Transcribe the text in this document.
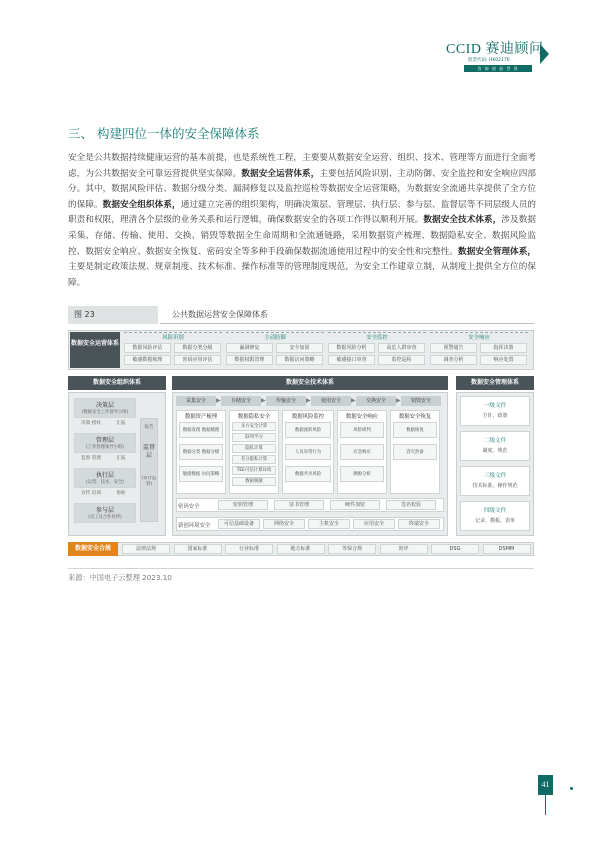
CCID 赛迪顾问
股票代码: HK02176
咨 询 创 造 世 界
三、 构建四位一体的安全保障体系
安全是公共数据持续健康运营的基本前提，也是系统性工程，主要要从数据安全运营、组织、技术、管理等方面进行全面考虑，为公共数据安全可靠运营提供坚实保障。数据安全运营体系，主要包括风险识别、主动防御、安全监控和安全响应四部分。其中，数据风险评估、数据分级分类、漏洞修复以及监控巡检等数据安全运营策略，为数据安全流通共享提供了全方位的保障。数据安全组织体系，通过建立完善的组织架构，明确决策层、管理层、执行层、参与层、监督层等不同层级人员的职责和权限，理清各个层级的业务关系和运行逻辑，确保数据安全的各项工作得以顺利开展。数据安全技术体系，涉及数据采集、存储、传输、使用、交换、销毁等数据全生命周期和全流通链路，采用数据资产梳理、数据隐私安全、数据风险监控、数据安全响应、数据安全恢复、密码安全等多种手段确保数据流通使用过程中的安全性和完整性。数据安全管理体系，主要是制定政策法规、规章制度、技术标准、操作标准等的管理制度规范，为安全工作建章立制，从制度上提供全方位的保障。
图 23	公共数据运营安全保障体系
数据安全运营体系
数据安全组织体系
监督层
(审计监管)
报告
数据安全技术体系
密码安全
新创环境安全
数据安全管理体系
数据安全合规
风险识别
数据风险评估	数据分类分级
敏感数据梳理	密码应用评估
主动防御
漏洞修复	安全加固
数据权限管理	数据访问策略
安全监控
数据风险分析	高危人群审查
敏感接口审查	监控巡检
安全响应
预警通告	指挥决策
调查分析	响应处置
决策层
(数据安全工作领导小组)
管理层
(工作管理领导小组)
执行层
(运营、技术、安全)
参与层
(员工及合作伙伴)
决策 授权	汇报
监督 管理	汇报
宣传 培训	协助
采集安全	▶	存储安全	▶	传输安全	▶	使用安全	▶	交换安全	▶	销毁安全
数据资产梳理
数据发现 数据梳理
数据分类 数据分级
敏感数据 访问策略
数据隐私安全
多方安全计算
联邦学习
隐私计算
差分隐私计算
TEE可信计算环境
数据脱敏
数据风险监控
数据流转风险
人员异常行为
数据共享风险
数据安全响应
风险研判
应急响应
溯源分析
数据安全恢复
数据恢复
容灾热备
密钥管理	证书管理	硬件加密	签名校验
可信基础设备	网络安全	主机安全	应用安全	终端安全
一级文件
方针、政策
二级文件
制度、规范
三级文件
技术标准、操作规范
四级文件
记录、模板、表单
法律法规	国家标准	行业标准	地方标准	等保合规	密评	DSG	DSMM
来源：中国电子云整理 2023.10
41
